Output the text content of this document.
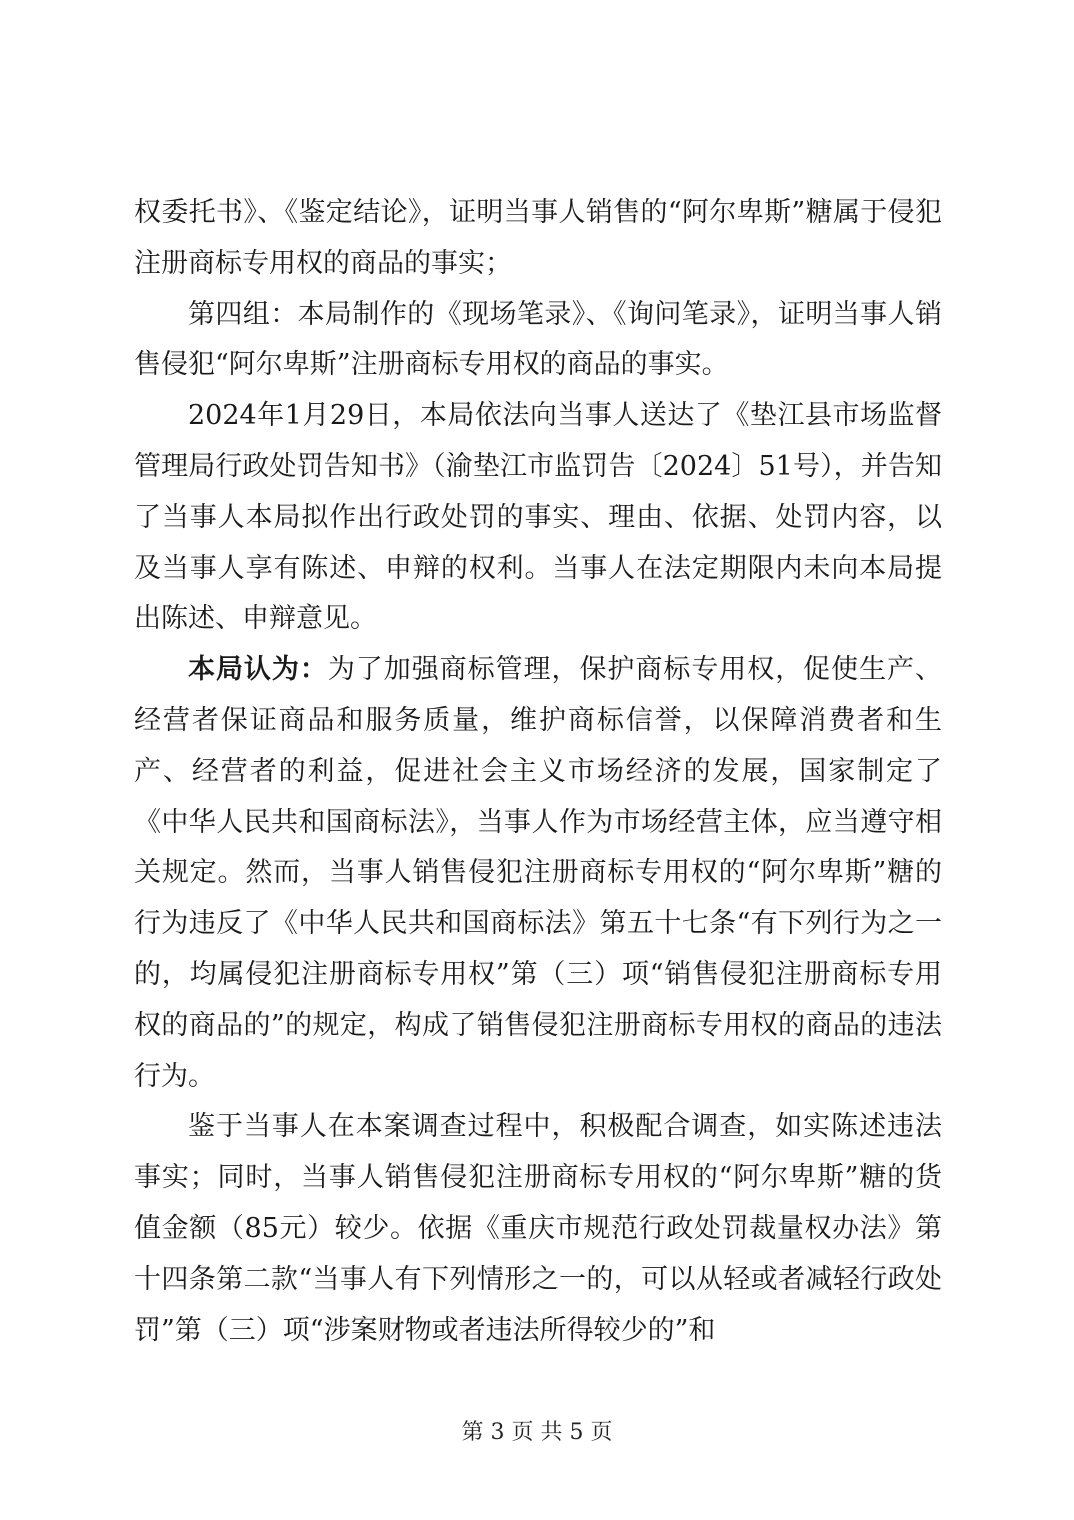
权委托书》、《鉴定结论》，证明当事人销售的“阿尔卑斯”糖属于侵犯注册商标专用权的商品的事实；

第四组：本局制作的《现场笔录》、《询问笔录》，证明当事人销售侵犯“阿尔卑斯”注册商标专用权的商品的事实。

2024年1月29日，本局依法向当事人送达了《垫江县市场监督管理局行政处罚告知书》（渝垫江市监罚告〔2024〕51号），并告知了当事人本局拟作出行政处罚的事实、理由、依据、处罚内容，以及当事人享有陈述、申辩的权利。当事人在法定期限内未向本局提出陈述、申辩意见。

本局认为：为了加强商标管理，保护商标专用权，促使生产、经营者保证商品和服务质量，维护商标信誉，以保障消费者和生产、经营者的利益，促进社会主义市场经济的发展，国家制定了《中华人民共和国商标法》，当事人作为市场经营主体，应当遵守相关规定。然而，当事人销售侵犯注册商标专用权的“阿尔卑斯”糖的行为违反了《中华人民共和国商标法》第五十七条“有下列行为之一的，均属侵犯注册商标专用权”第（三）项“销售侵犯注册商标专用权的商品的”的规定，构成了销售侵犯注册商标专用权的商品的违法行为。

鉴于当事人在本案调查过程中，积极配合调查，如实陈述违法事实；同时，当事人销售侵犯注册商标专用权的“阿尔卑斯”糖的货值金额（85元）较少。依据《重庆市规范行政处罚裁量权办法》第十四条第二款“当事人有下列情形之一的，可以从轻或者减轻行政处罚”第（三）项“涉案财物或者违法所得较少的”和

第 3 页 共 5 页
